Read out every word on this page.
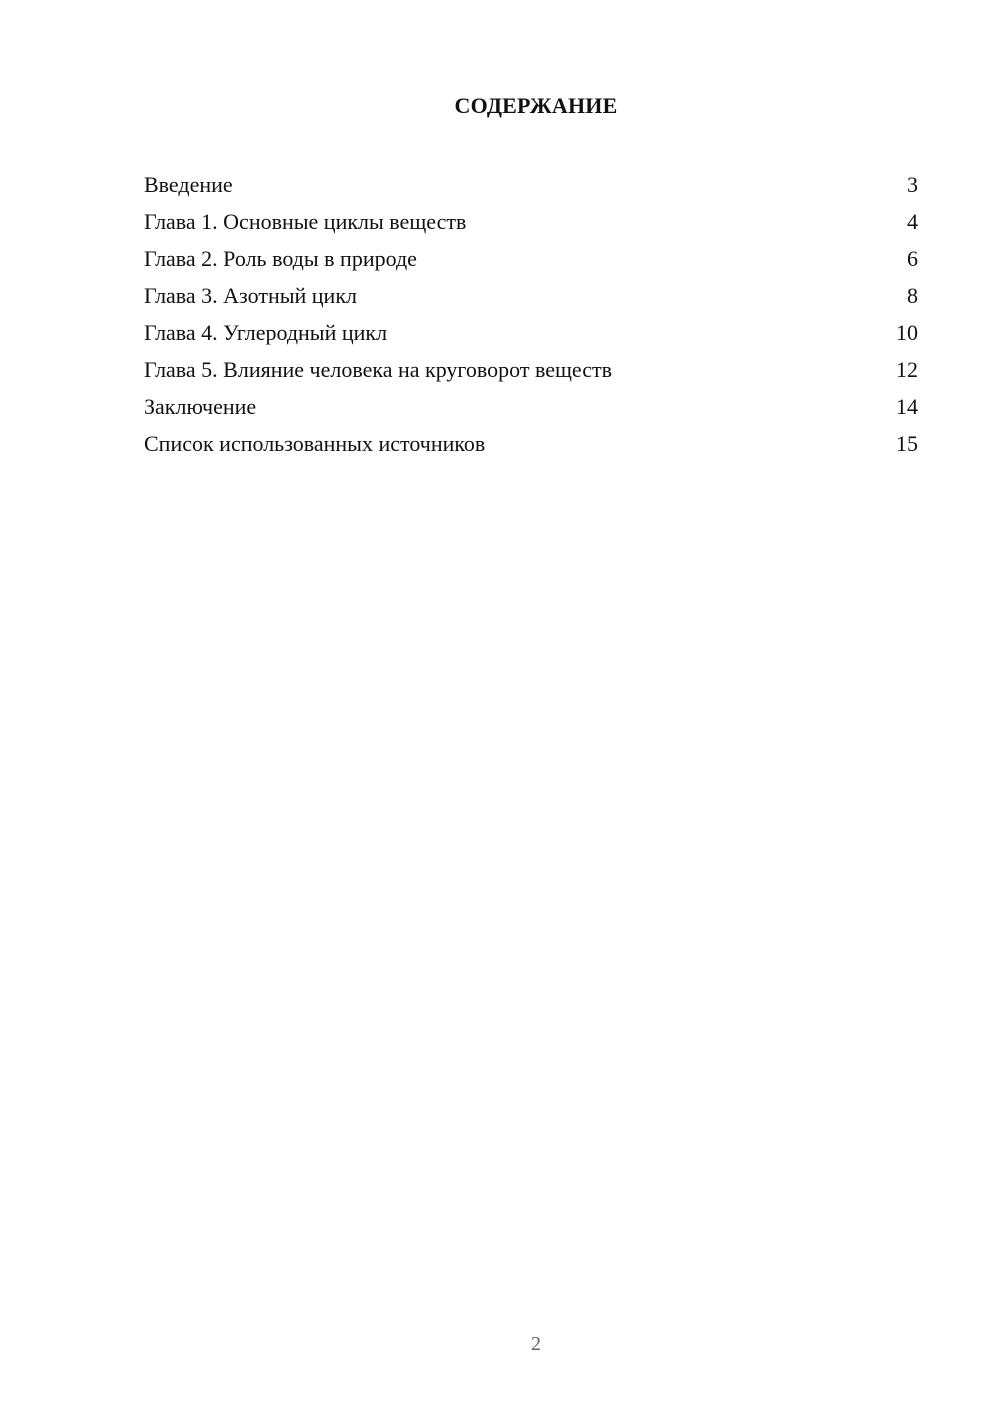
СОДЕРЖАНИЕ
Введение	3
Глава 1. Основные циклы веществ	4
Глава 2. Роль воды в природе	6
Глава 3. Азотный цикл	8
Глава 4. Углеродный цикл	10
Глава 5. Влияние человека на круговорот веществ	12
Заключение	14
Список использованных источников	15
2
